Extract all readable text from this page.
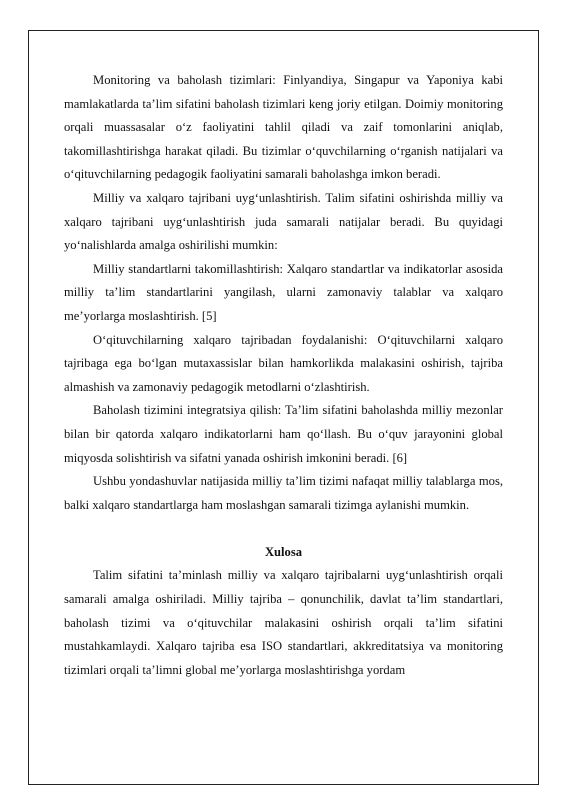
Monitoring va baholash tizimlari: Finlyandiya, Singapur va Yaponiya kabi mamlakatlarda ta’lim sifatini baholash tizimlari keng joriy etilgan. Doimiy monitoring orqali muassasalar o‘z faoliyatini tahlil qiladi va zaif tomonlarini aniqlab, takomillashtirishga harakat qiladi. Bu tizimlar o‘quvchilarning o‘rganish natijalari va o‘qituvchilarning pedagogik faoliyatini samarali baholashga imkon beradi.

Milliy va xalqaro tajribani uyg‘unlashtirish. Talim sifatini oshirishda milliy va xalqaro tajribani uyg‘unlashtirish juda samarali natijalar beradi. Bu quyidagi yo‘nalishlarda amalga oshirilishi mumkin:

Milliy standartlarni takomillashtirish: Xalqaro standartlar va indikatorlar asosida milliy ta’lim standartlarini yangilash, ularni zamonaviy talablar va xalqaro me’yorlarga moslashtirish. [5]

O‘qituvchilarning xalqaro tajribadan foydalanishi: O‘qituvchilarni xalqaro tajribaga ega bo‘lgan mutaxassislar bilan hamkorlikda malakasini oshirish, tajriba almashish va zamonaviy pedagogik metodlarni o‘zlashtirish.

Baholash tizimini integratsiya qilish: Ta’lim sifatini baholashda milliy mezonlar bilan bir qatorda xalqaro indikatorlarni ham qo‘llash. Bu o‘quv jarayonini global miqyosda solishtirish va sifatni yanada oshirish imkonini beradi. [6]

Ushbu yondashuvlar natijasida milliy ta’lim tizimi nafaqat milliy talablarga mos, balki xalqaro standartlarga ham moslashgan samarali tizimga aylanishi mumkin.

Xulosa

Talim sifatini ta’minlash milliy va xalqaro tajribalarni uyg‘unlashtirish orqali samarali amalga oshiriladi. Milliy tajriba – qonunchilik, davlat ta’lim standartlari, baholash tizimi va o‘qituvchilar malakasini oshirish orqali ta’lim sifatini mustahkamlaydi. Xalqaro tajriba esa ISO standartlari, akkreditatsiya va monitoring tizimlari orqali ta’limni global me’yorlarga moslashtirishga yordam
